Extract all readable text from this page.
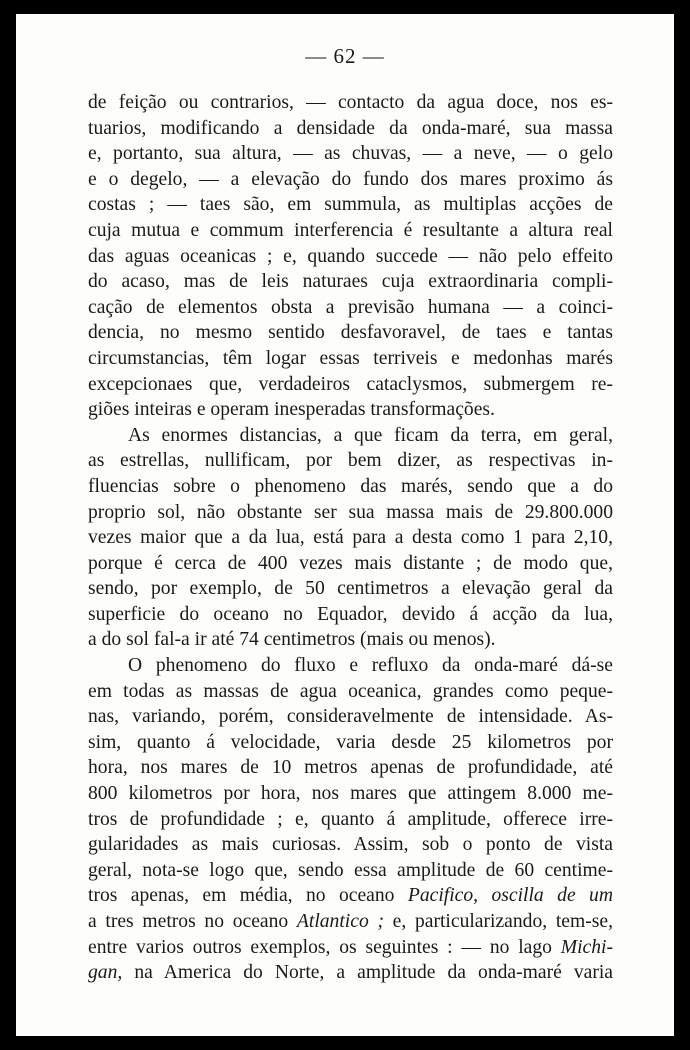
— 62 —
de feição ou contrarios, — contacto da agua doce, nos es-
tuarios, modificando a densidade da onda-maré, sua massa
e, portanto, sua altura, — as chuvas, — a neve, — o gelo
e o degelo, — a elevação do fundo dos mares proximo ás
costas ; — taes são, em summula, as multiplas acções de
cuja mutua e commum interferencia é resultante a altura real
das aguas oceanicas ; e, quando succede — não pelo effeito
do acaso, mas de leis naturaes cuja extraordinaria compli-
cação de elementos obsta a previsão humana — a coinci-
dencia, no mesmo sentido desfavoravel, de taes e tantas
circumstancias, têm logar essas terriveis e medonhas marés
excepcionaes que, verdadeiros cataclysmos, submergem re-
giões inteiras e operam inesperadas transformações.
As enormes distancias, a que ficam da terra, em geral,
as estrellas, nullificam, por bem dizer, as respectivas in-
fluencias sobre o phenomeno das marés, sendo que a do
proprio sol, não obstante ser sua massa mais de 29.800.000
vezes maior que a da lua, está para a desta como 1 para 2,10,
porque é cerca de 400 vezes mais distante ; de modo que,
sendo, por exemplo, de 50 centimetros a elevação geral da
superficie do oceano no Equador, devido á acção da lua,
a do sol fal-a ir até 74 centimetros (mais ou menos).
O phenomeno do fluxo e refluxo da onda-maré dá-se
em todas as massas de agua oceanica, grandes como peque-
nas, variando, porém, consideravelmente de intensidade. As-
sim, quanto á velocidade, varia desde 25 kilometros por
hora, nos mares de 10 metros apenas de profundidade, até
800 kilometros por hora, nos mares que attingem 8.000 me-
tros de profundidade ; e, quanto á amplitude, offerece irre-
gularidades as mais curiosas. Assim, sob o ponto de vista
geral, nota-se logo que, sendo essa amplitude de 60 centime-
tros apenas, em média, no oceano Pacifico, oscilla de um
a tres metros no oceano Atlantico ; e, particularizando, tem-se,
entre varios outros exemplos, os seguintes : — no lago Michi-
gan, na America do Norte, a amplitude da onda-maré varia
